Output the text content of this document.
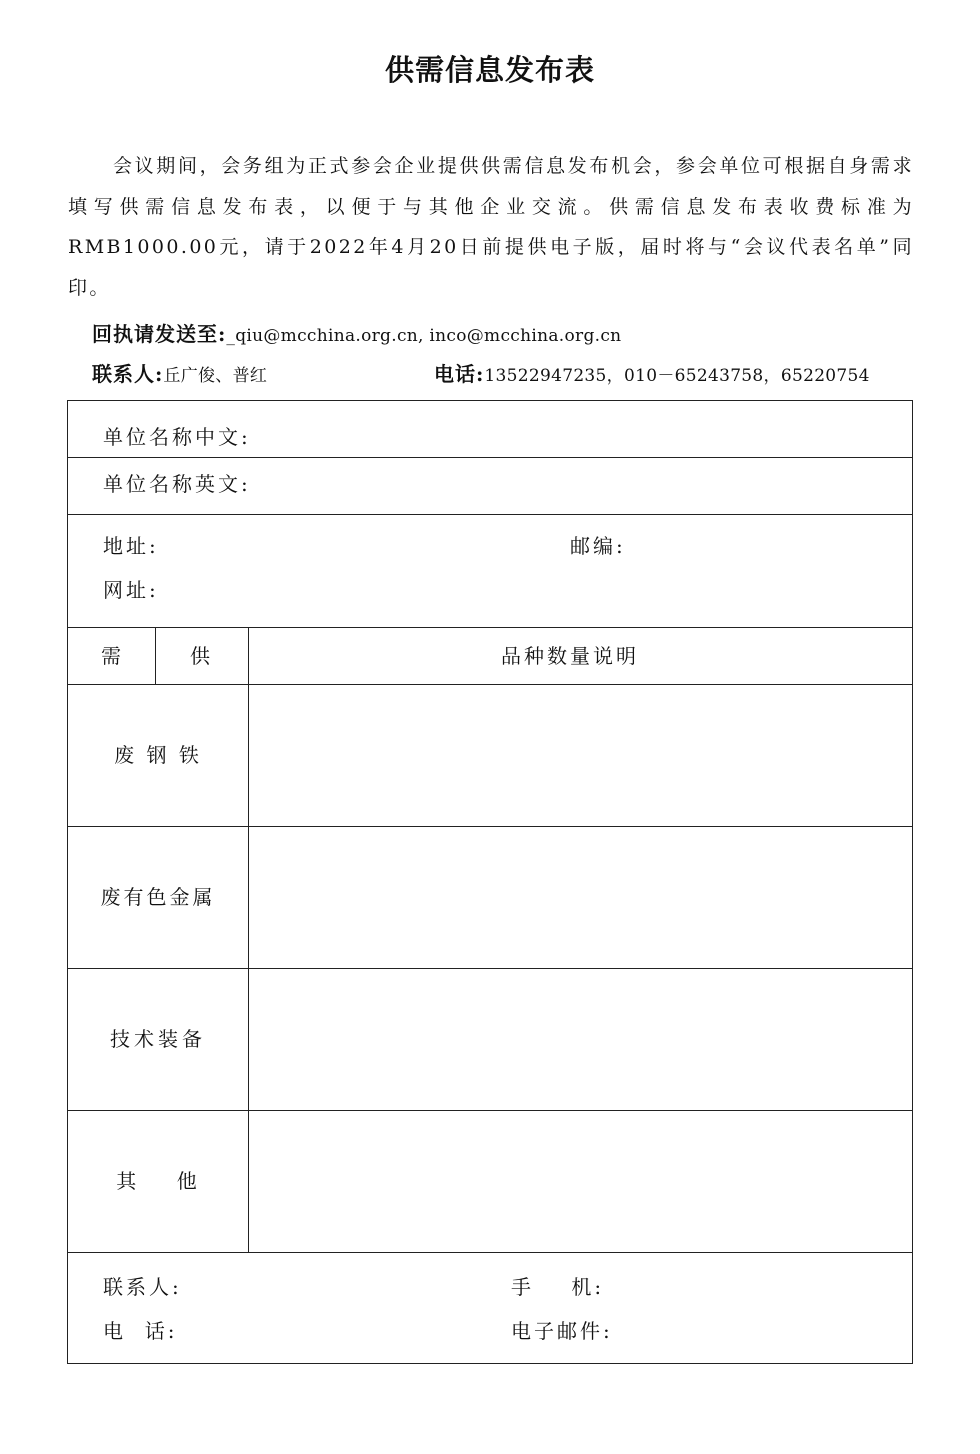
供需信息发布表
会议期间，会务组为正式参会企业提供供需信息发布机会，参会单位可根据自身需求填写供需信息发布表，以便于与其他企业交流。供需信息发布表收费标准为RMB1000.00元，请于2022年4月20日前提供电子版，届时将与“会议代表名单”同印。
回执请发送至:_qiu@mcchina.org.cn, inco@mcchina.org.cn
联系人:丘广俊、普红	电话:13522947235，010－65243758，65220754
单位名称中文:
单位名称英文:
地址:	邮编:
网址:
需	供	品种数量说明
废 钢 铁
废有色金属
技术装备
其    他
联系人:	手    机:
电  话:	电子邮件:
